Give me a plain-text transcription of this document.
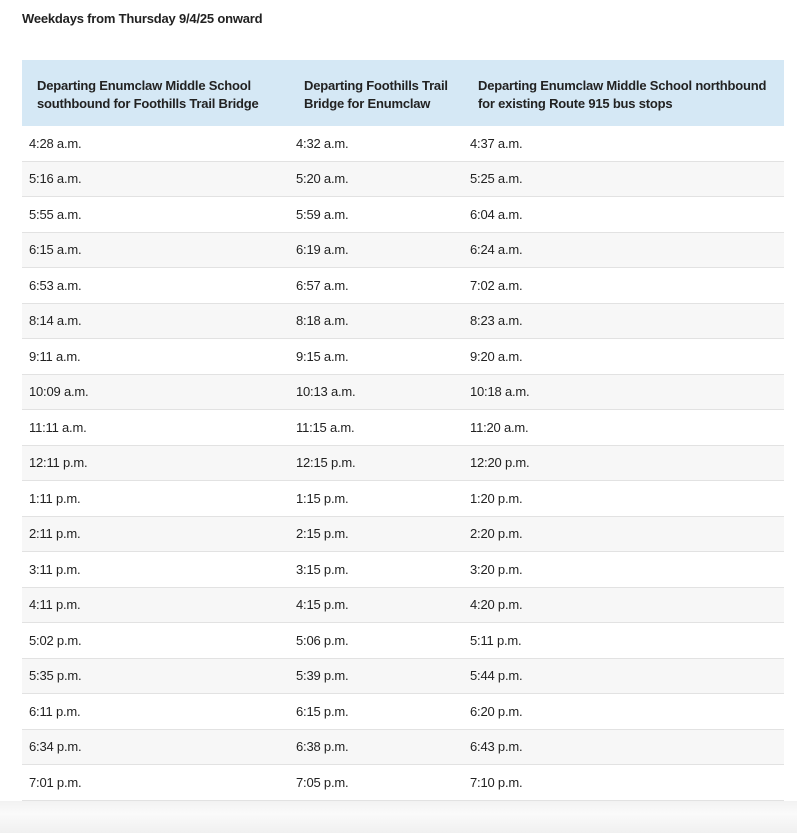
Weekdays from Thursday 9/4/25 onward
Departing Enumclaw Middle School southbound for Foothills Trail Bridge	Departing Foothills Trail Bridge for Enumclaw	Departing Enumclaw Middle School northbound for existing Route 915 bus stops

4:28 a.m.	4:32 a.m.	4:37 a.m.
5:16 a.m.	5:20 a.m.	5:25 a.m.
5:55 a.m.	5:59 a.m.	6:04 a.m.
6:15 a.m.	6:19 a.m.	6:24 a.m.
6:53 a.m.	6:57 a.m.	7:02 a.m.
8:14 a.m.	8:18 a.m.	8:23 a.m.
9:11 a.m.	9:15 a.m.	9:20 a.m.
10:09 a.m.	10:13 a.m.	10:18 a.m.
11:11 a.m.	11:15 a.m.	11:20 a.m.
12:11 p.m.	12:15 p.m.	12:20 p.m.
1:11 p.m.	1:15 p.m.	1:20 p.m.
2:11 p.m.	2:15 p.m.	2:20 p.m.
3:11 p.m.	3:15 p.m.	3:20 p.m.
4:11 p.m.	4:15 p.m.	4:20 p.m.
5:02 p.m.	5:06 p.m.	5:11 p.m.
5:35 p.m.	5:39 p.m.	5:44 p.m.
6:11 p.m.	6:15 p.m.	6:20 p.m.
6:34 p.m.	6:38 p.m.	6:43 p.m.
7:01 p.m.	7:05 p.m.	7:10 p.m.
